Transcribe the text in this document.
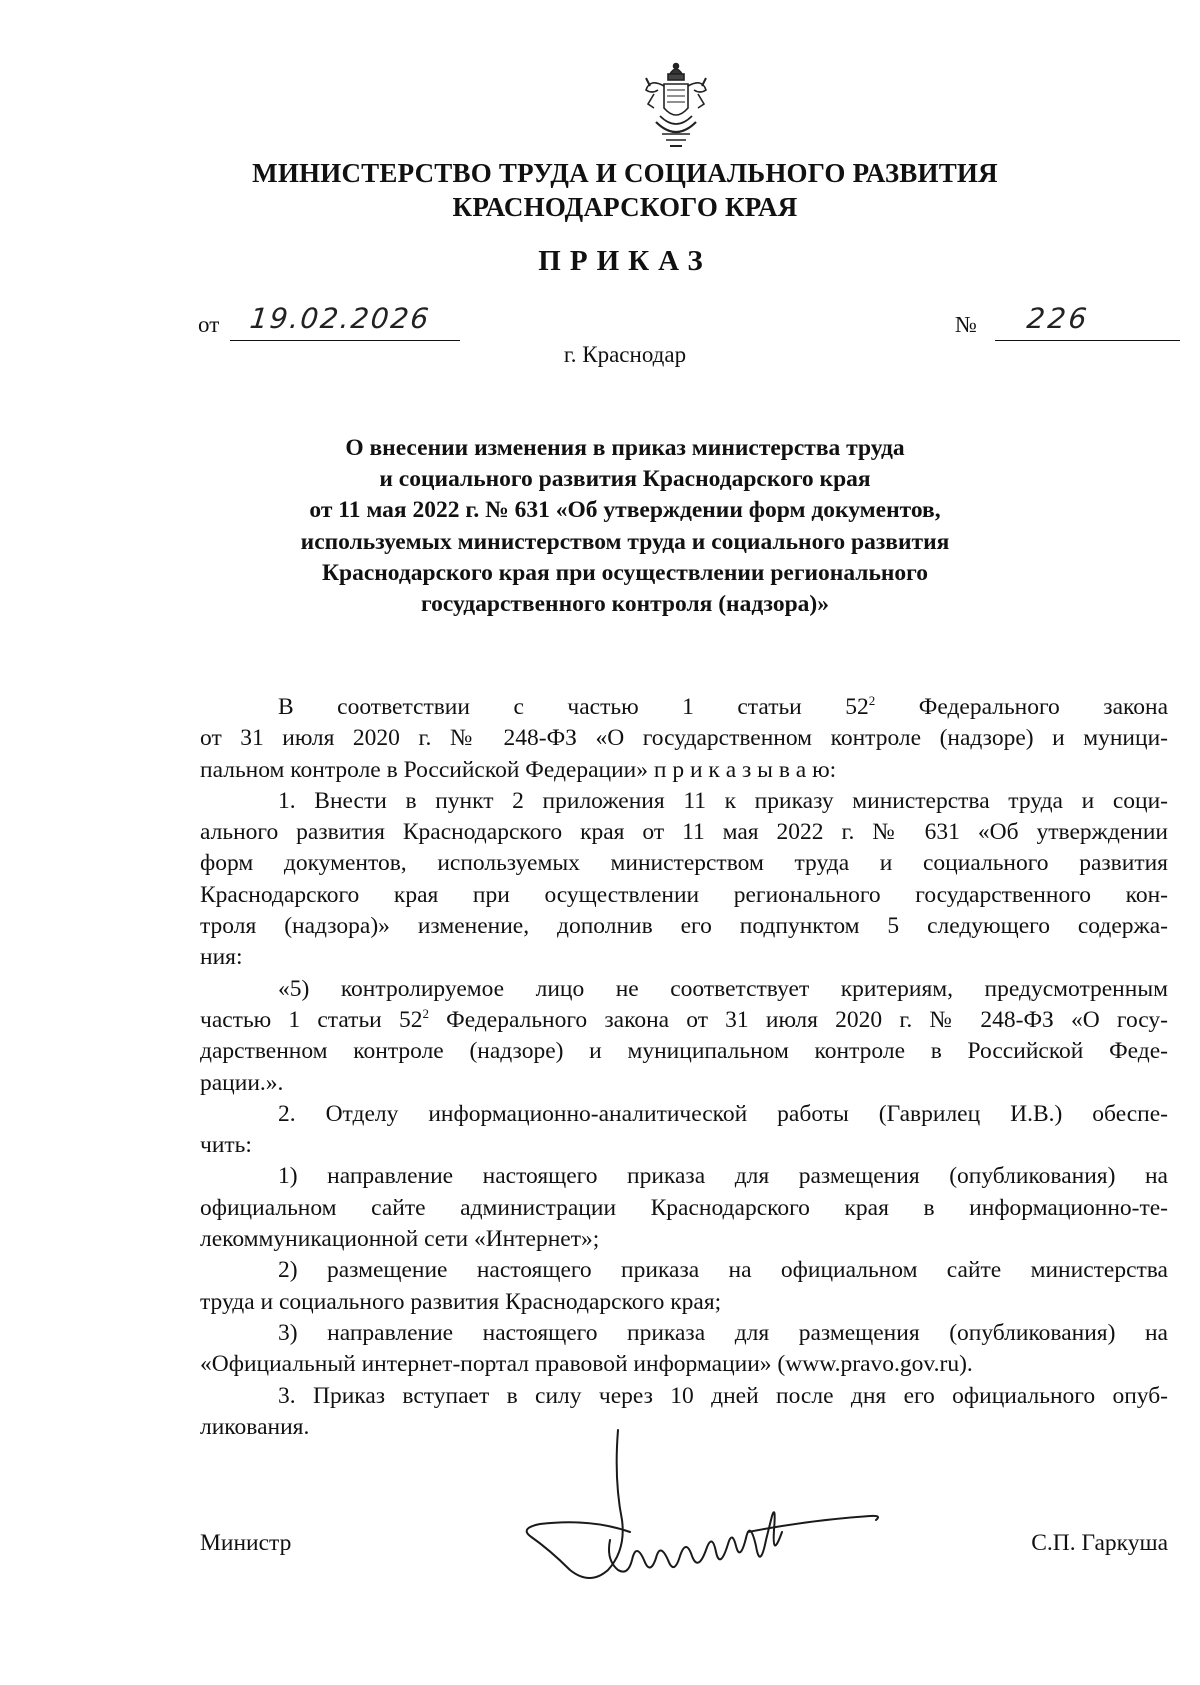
МИНИСТЕРСТВО ТРУДА И СОЦИАЛЬНОГО РАЗВИТИЯ
КРАСНОДАРСКОГО КРАЯ
ПРИКАЗ
от 19.02.2026	№ 226
г. Краснодар
О внесении изменения в приказ министерства труда
и социального развития Краснодарского края
от 11 мая 2022 г. № 631 «Об утверждении форм документов,
используемых министерством труда и социального развития
Краснодарского края при осуществлении регионального
государственного контроля (надзора)»
В соответствии с частью 1 статьи $52^2$ Федерального закона
от 31 июля 2020 г. № 248-ФЗ «О государственном контроле (надзоре) и муници-
пальном контроле в Российской Федерации» п р и к а з ы в а ю:
1. Внести в пункт 2 приложения 11 к приказу министерства труда и соци-
ального развития Краснодарского края от 11 мая 2022 г. № 631 «Об утверждении
форм документов, используемых министерством труда и социального развития
Краснодарского края при осуществлении регионального государственного кон-
троля (надзора)» изменение, дополнив его подпунктом 5 следующего содержа-
ния:
«5) контролируемое лицо не соответствует критериям, предусмотренным
частью 1 статьи $52^2$ Федерального закона от 31 июля 2020 г. № 248-ФЗ «О госу-
дарственном контроле (надзоре) и муниципальном контроле в Российской Феде-
рации.».
2. Отделу информационно-аналитической работы (Гаврилец И.В.) обеспе-
чить:
1) направление настоящего приказа для размещения (опубликования) на
официальном сайте администрации Краснодарского края в информационно-те-
лекоммуникационной сети «Интернет»;
2) размещение настоящего приказа на официальном сайте министерства
труда и социального развития Краснодарского края;
3) направление настоящего приказа для размещения (опубликования) на
«Официальный интернет-портал правовой информации» (www.pravo.gov.ru).
3. Приказ вступает в силу через 10 дней после дня его официального опуб-
ликования.
Министр	С.П. Гаркуша
